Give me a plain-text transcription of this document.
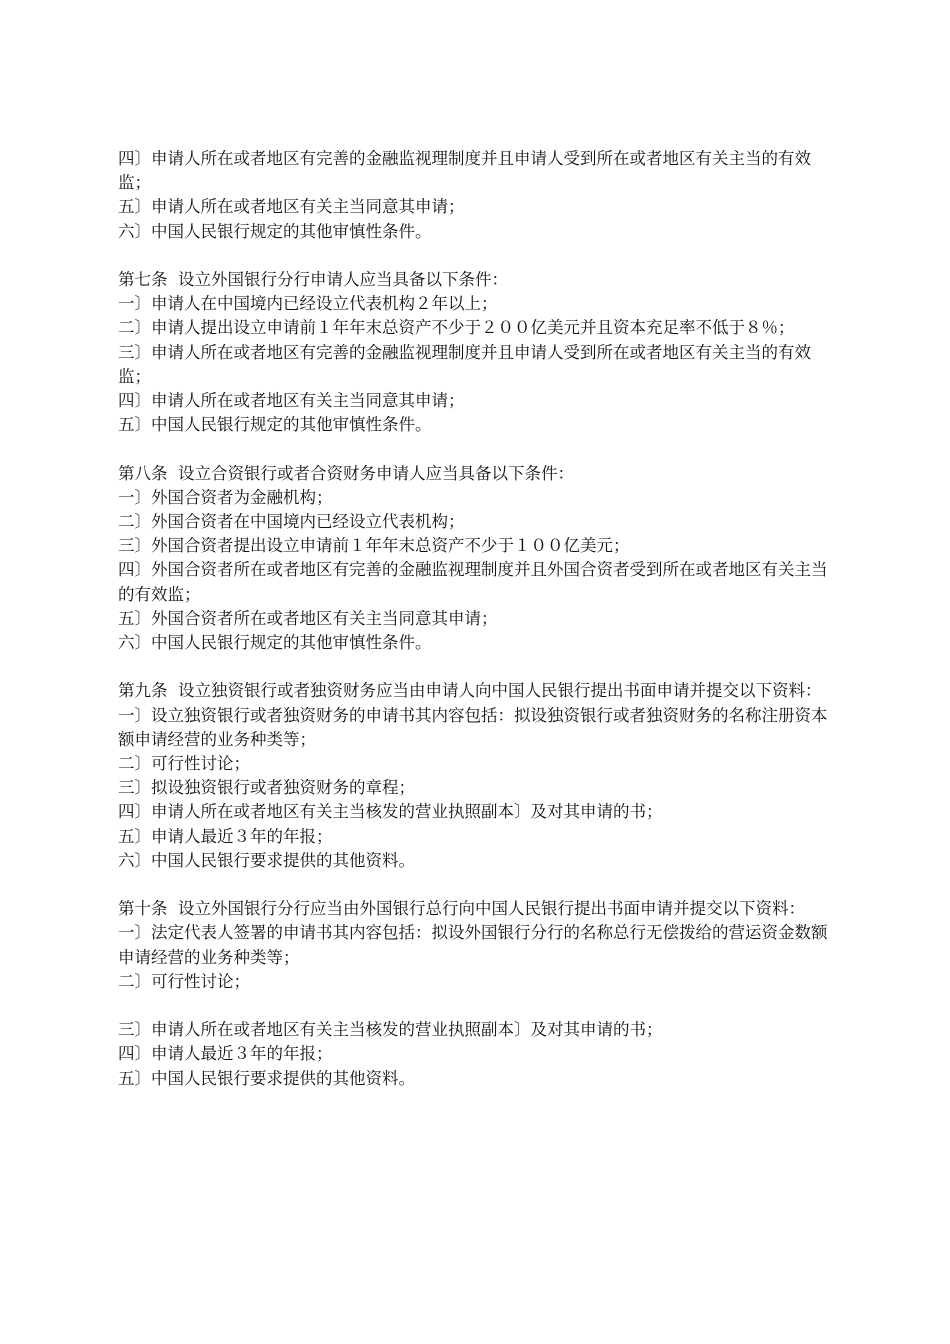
四〕申请人所在或者地区有完善的金融监视理制度并且申请人受到所在或者地区有关主当的有效监；
五〕申请人所在或者地区有关主当同意其申请；
六〕中国人民银行规定的其他审慎性条件。
第七条  设立外国银行分行申请人应当具备以下条件：
一〕申请人在中国境内已经设立代表机构２年以上；
二〕申请人提出设立申请前１年年末总资产不少于２００亿美元并且资本充足率不低于８％；
三〕申请人所在或者地区有完善的金融监视理制度并且申请人受到所在或者地区有关主当的有效监；
四〕申请人所在或者地区有关主当同意其申请；
五〕中国人民银行规定的其他审慎性条件。
第八条  设立合资银行或者合资财务申请人应当具备以下条件：
一〕外国合资者为金融机构；
二〕外国合资者在中国境内已经设立代表机构；
三〕外国合资者提出设立申请前１年年末总资产不少于１００亿美元；
四〕外国合资者所在或者地区有完善的金融监视理制度并且外国合资者受到所在或者地区有关主当的有效监；
五〕外国合资者所在或者地区有关主当同意其申请；
六〕中国人民银行规定的其他审慎性条件。
第九条  设立独资银行或者独资财务应当由申请人向中国人民银行提出书面申请并提交以下资料：
一〕设立独资银行或者独资财务的申请书其内容包括：拟设独资银行或者独资财务的名称注册资本额申请经营的业务种类等；
二〕可行性讨论；
三〕拟设独资银行或者独资财务的章程；
四〕申请人所在或者地区有关主当核发的营业执照副本〕及对其申请的书；
五〕申请人最近３年的年报；
六〕中国人民银行要求提供的其他资料。
第十条  设立外国银行分行应当由外国银行总行向中国人民银行提出书面申请并提交以下资料：
一〕法定代表人签署的申请书其内容包括：拟设外国银行分行的名称总行无偿拨给的营运资金数额申请经营的业务种类等；
二〕可行性讨论；
三〕申请人所在或者地区有关主当核发的营业执照副本〕及对其申请的书；
四〕申请人最近３年的年报；
五〕中国人民银行要求提供的其他资料。
